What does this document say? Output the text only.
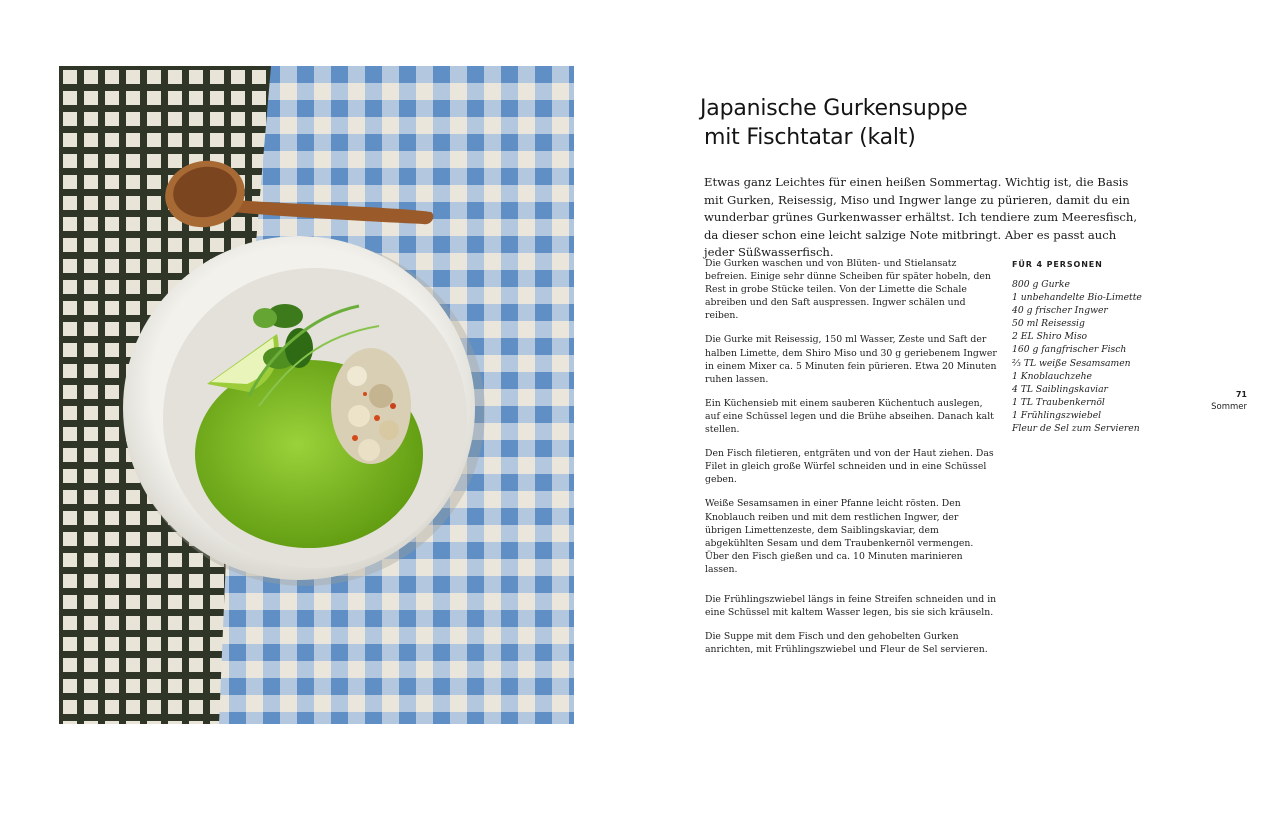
Japanische Gurkensuppe
mit Fischtatar (kalt)

Etwas ganz Leichtes für einen heißen Sommertag. Wichtig ist, die Basis mit Gurken, Reisessig, Miso und Ingwer lange zu pürieren, damit du ein wunderbar grünes Gurkenwasser erhältst. Ich tendiere zum Meeresfisch, da dieser schon eine leicht salzige Note mitbringt. Aber es passt auch jeder Süßwasserfisch.

Die Gurken waschen und von Blüten- und Stielansatz befreien. Einige sehr dünne Scheiben für später hobeln, den Rest in grobe Stücke teilen. Von der Limette die Schale abreiben und den Saft auspressen. Ingwer schälen und reiben.

Die Gurke mit Reisessig, 150 ml Wasser, Zeste und Saft der halben Limette, dem Shiro Miso und 30 g geriebenem Ingwer in einem Mixer ca. 5 Minuten fein pürieren. Etwa 20 Minuten ruhen lassen.

Ein Küchensieb mit einem sauberen Küchentuch auslegen, auf eine Schüssel legen und die Brühe abseihen. Danach kalt stellen.

Den Fisch filetieren, entgräten und von der Haut ziehen. Das Filet in gleich große Würfel schneiden und in eine Schüssel geben.

Weiße Sesamsamen in einer Pfanne leicht rösten. Den Knoblauch reiben und mit dem restlichen Ingwer, der übrigen Limettenzeste, dem Saiblingskaviar, dem abgekühlten Sesam und dem Traubenkernöl vermengen. Über den Fisch gießen und ca. 10 Minuten marinieren lassen.

Die Frühlingszwiebel längs in feine Streifen schneiden und in eine Schüssel mit kaltem Wasser legen, bis sie sich kräuseln.

Die Suppe mit dem Fisch und den gehobelten Gurken anrichten, mit Frühlingszwiebel und Fleur de Sel servieren.

FÜR 4 PERSONEN
800 g Gurke
1 unbehandelte Bio-Limette
40 g frischer Ingwer
50 ml Reisessig
2 EL Shiro Miso
160 g fangfrischer Fisch
⅔ TL weiße Sesamsamen
1 Knoblauchzehe
4 TL Saiblingskaviar
1 TL Traubenkernöl
1 Frühlingszwiebel
Fleur de Sel zum Servieren
71
Sommer
